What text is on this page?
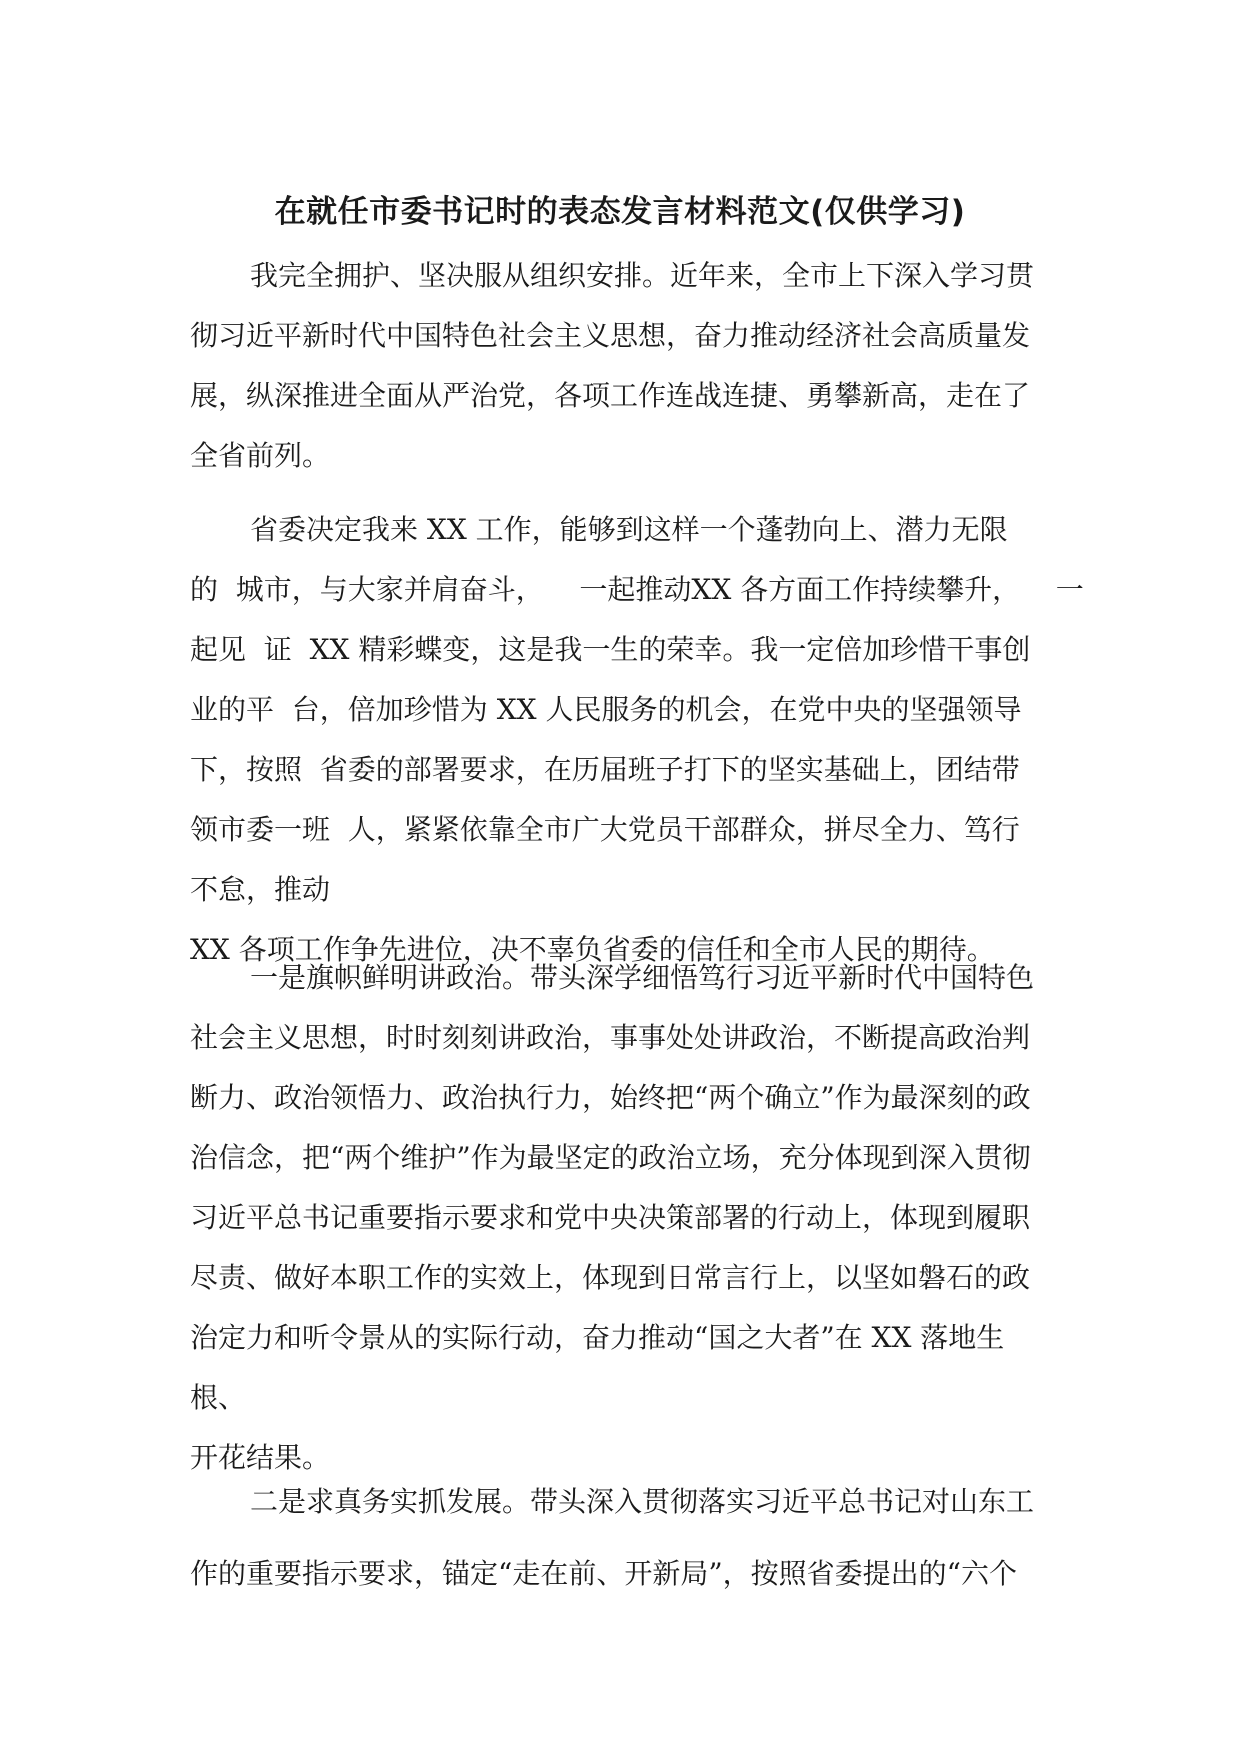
在就任市委书记时的表态发言材料范文(仅供学习)
我完全拥护、坚决服从组织安排。近年来，全市上下深入学习贯
彻习近平新时代中国特色社会主义思想，奋力推动经济社会高质量发
展，纵深推进全面从严治党，各项工作连战连捷、勇攀新高，走在了
全省前列。
省委决定我来 XX 工作，能够到这样一个蓬勃向上、潜力无限
的  城市，与大家并肩奋斗，    一起推动XX 各方面工作持续攀升，    一
起见  证  XX 精彩蝶变，这是我一生的荣幸。我一定倍加珍惜干事创
业的平  台，倍加珍惜为 XX 人民服务的机会，在党中央的坚强领导
下，按照  省委的部署要求，在历届班子打下的坚实基础上，团结带
领市委一班  人，紧紧依靠全市广大党员干部群众，拼尽全力、笃行
不怠，推动
XX 各项工作争先进位，决不辜负省委的信任和全市人民的期待。
一是旗帜鲜明讲政治。带头深学细悟笃行习近平新时代中国特色
社会主义思想，时时刻刻讲政治，事事处处讲政治，不断提高政治判
断力、政治领悟力、政治执行力，始终把“两个确立”作为最深刻的政
治信念，把“两个维护”作为最坚定的政治立场，充分体现到深入贯彻
习近平总书记重要指示要求和党中央决策部署的行动上，体现到履职
尽责、做好本职工作的实效上，体现到日常言行上，以坚如磐石的政
治定力和听令景从的实际行动，奋力推动“国之大者”在 XX 落地生
根、
开花结果。
二是求真务实抓发展。带头深入贯彻落实习近平总书记对山东工
作的重要指示要求，锚定“走在前、开新局”，按照省委提出的“六个
